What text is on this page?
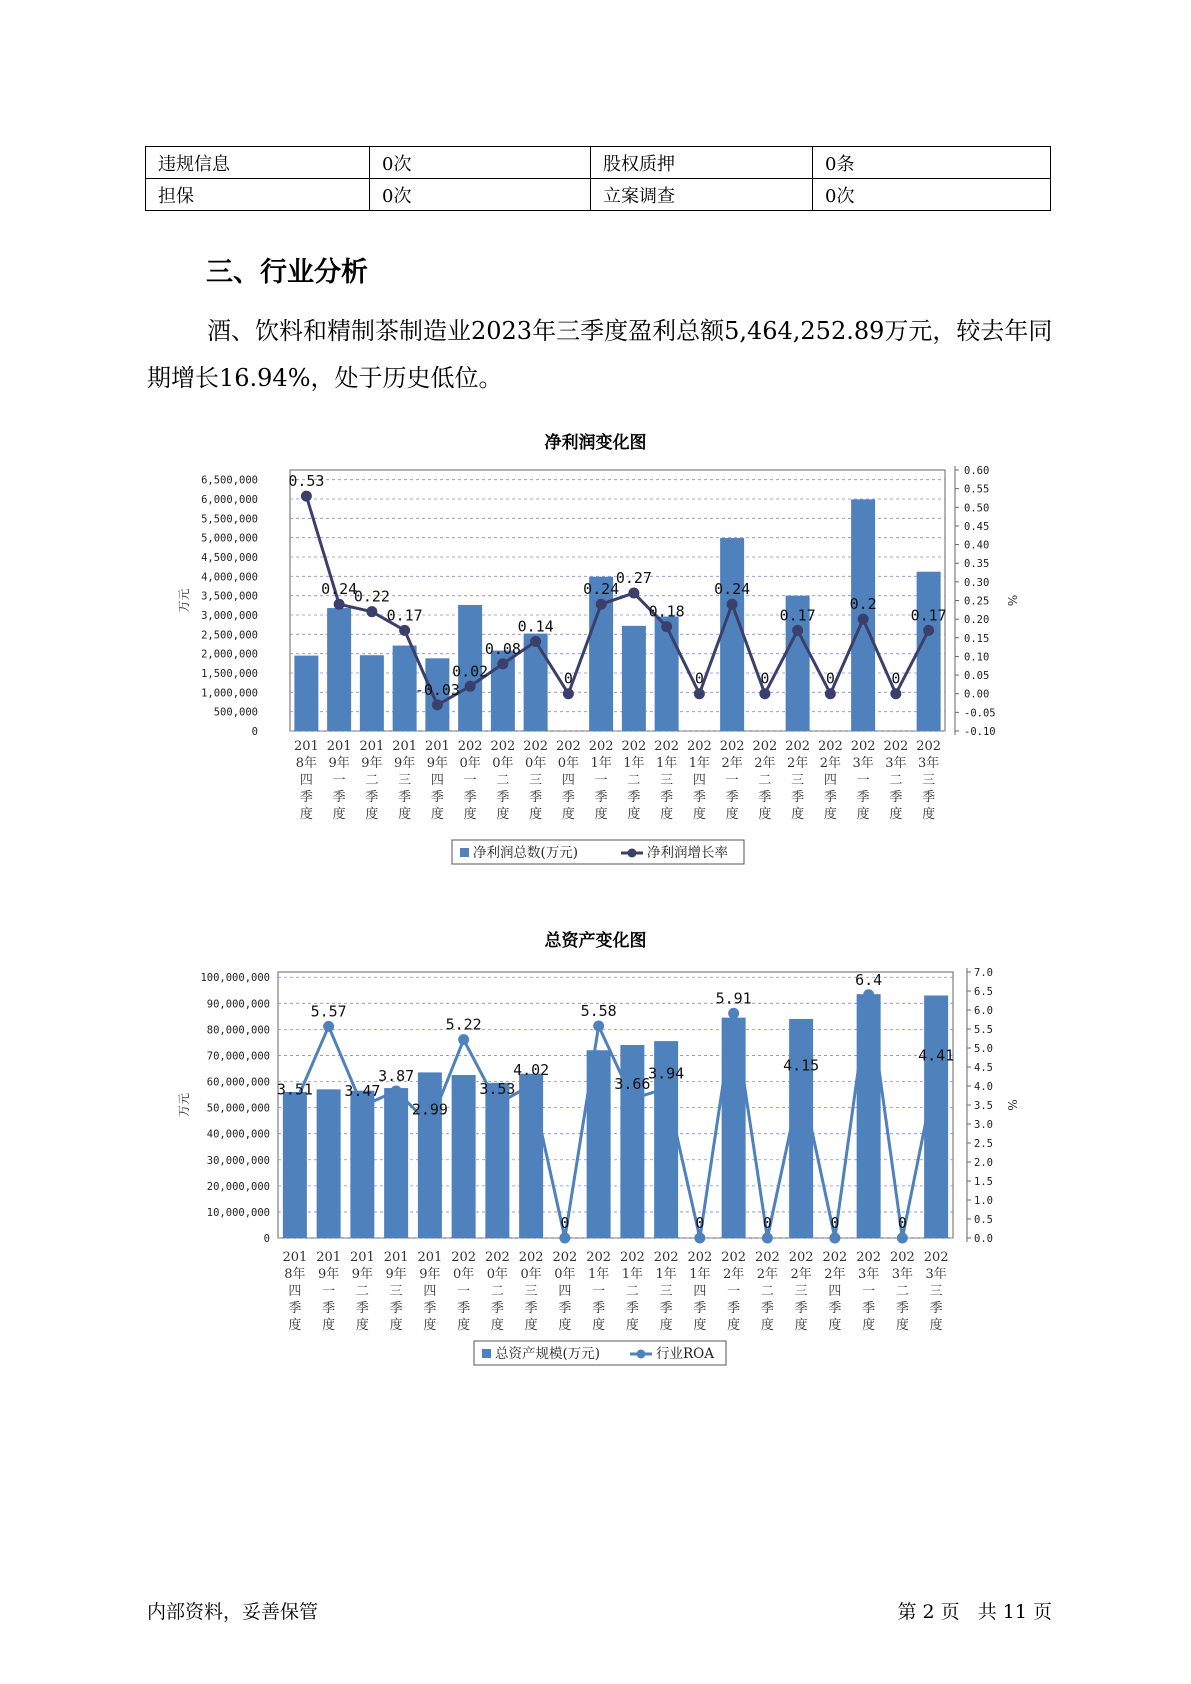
违规信息	0次	股权质押	0条
担保	0次	立案调查	0次
三、行业分析
酒、饮料和精制茶制造业2023年三季度盈利总额5,464,252.89万元，较去年同期增长16.94%，处于历史低位。
净利润变化图
0
500,000
1,000,000
1,500,000
2,000,000
2,500,000
3,000,000
3,500,000
4,000,000
4,500,000
5,000,000
5,500,000
6,000,000
6,500,000
-0.10
-0.05
0.00
0.05
0.10
0.15
0.20
0.25
0.30
0.35
0.40
0.45
0.50
0.55
0.60
万元	%
0.53
0.24
0.22
0.17
-0.03
0.02
0.08
0.14
0
0.24
0.27
0.18
0
0.24
0
0.17
0
0.2
0
0.17
201
8年
四
季
度
201
9年
一
季
度
201
9年
二
季
度
201
9年
三
季
度
201
9年
四
季
度
202
0年
一
季
度
202
0年
二
季
度
202
0年
三
季
度
202
0年
四
季
度
202
1年
一
季
度
202
1年
二
季
度
202
1年
三
季
度
202
1年
四
季
度
202
2年
一
季
度
202
2年
二
季
度
202
2年
三
季
度
202
2年
四
季
度
202
3年
一
季
度
202
3年
二
季
度
202
3年
三
季
度
净利润总数(万元)	净利润增长率
总资产变化图
0
10,000,000
20,000,000
30,000,000
40,000,000
50,000,000
60,000,000
70,000,000
80,000,000
90,000,000
100,000,000
0.0
0.5
1.0
1.5
2.0
2.5
3.0
3.5
4.0
4.5
5.0
5.5
6.0
6.5
7.0
万元	%
3.51
5.57
3.47
3.87
2.99
5.22
3.53
4.02
0
5.58
3.66
3.94
0
5.91
0
4.15
0
6.4
0
4.41
201
8年
四
季
度
201
9年
一
季
度
201
9年
二
季
度
201
9年
三
季
度
201
9年
四
季
度
202
0年
一
季
度
202
0年
二
季
度
202
0年
三
季
度
202
0年
四
季
度
202
1年
一
季
度
202
1年
二
季
度
202
1年
三
季
度
202
1年
四
季
度
202
2年
一
季
度
202
2年
二
季
度
202
2年
三
季
度
202
2年
四
季
度
202
3年
一
季
度
202
3年
二
季
度
202
3年
三
季
度
总资产规模(万元)	行业ROA
内部资料，妥善保管	第 2 页   共 11 页
